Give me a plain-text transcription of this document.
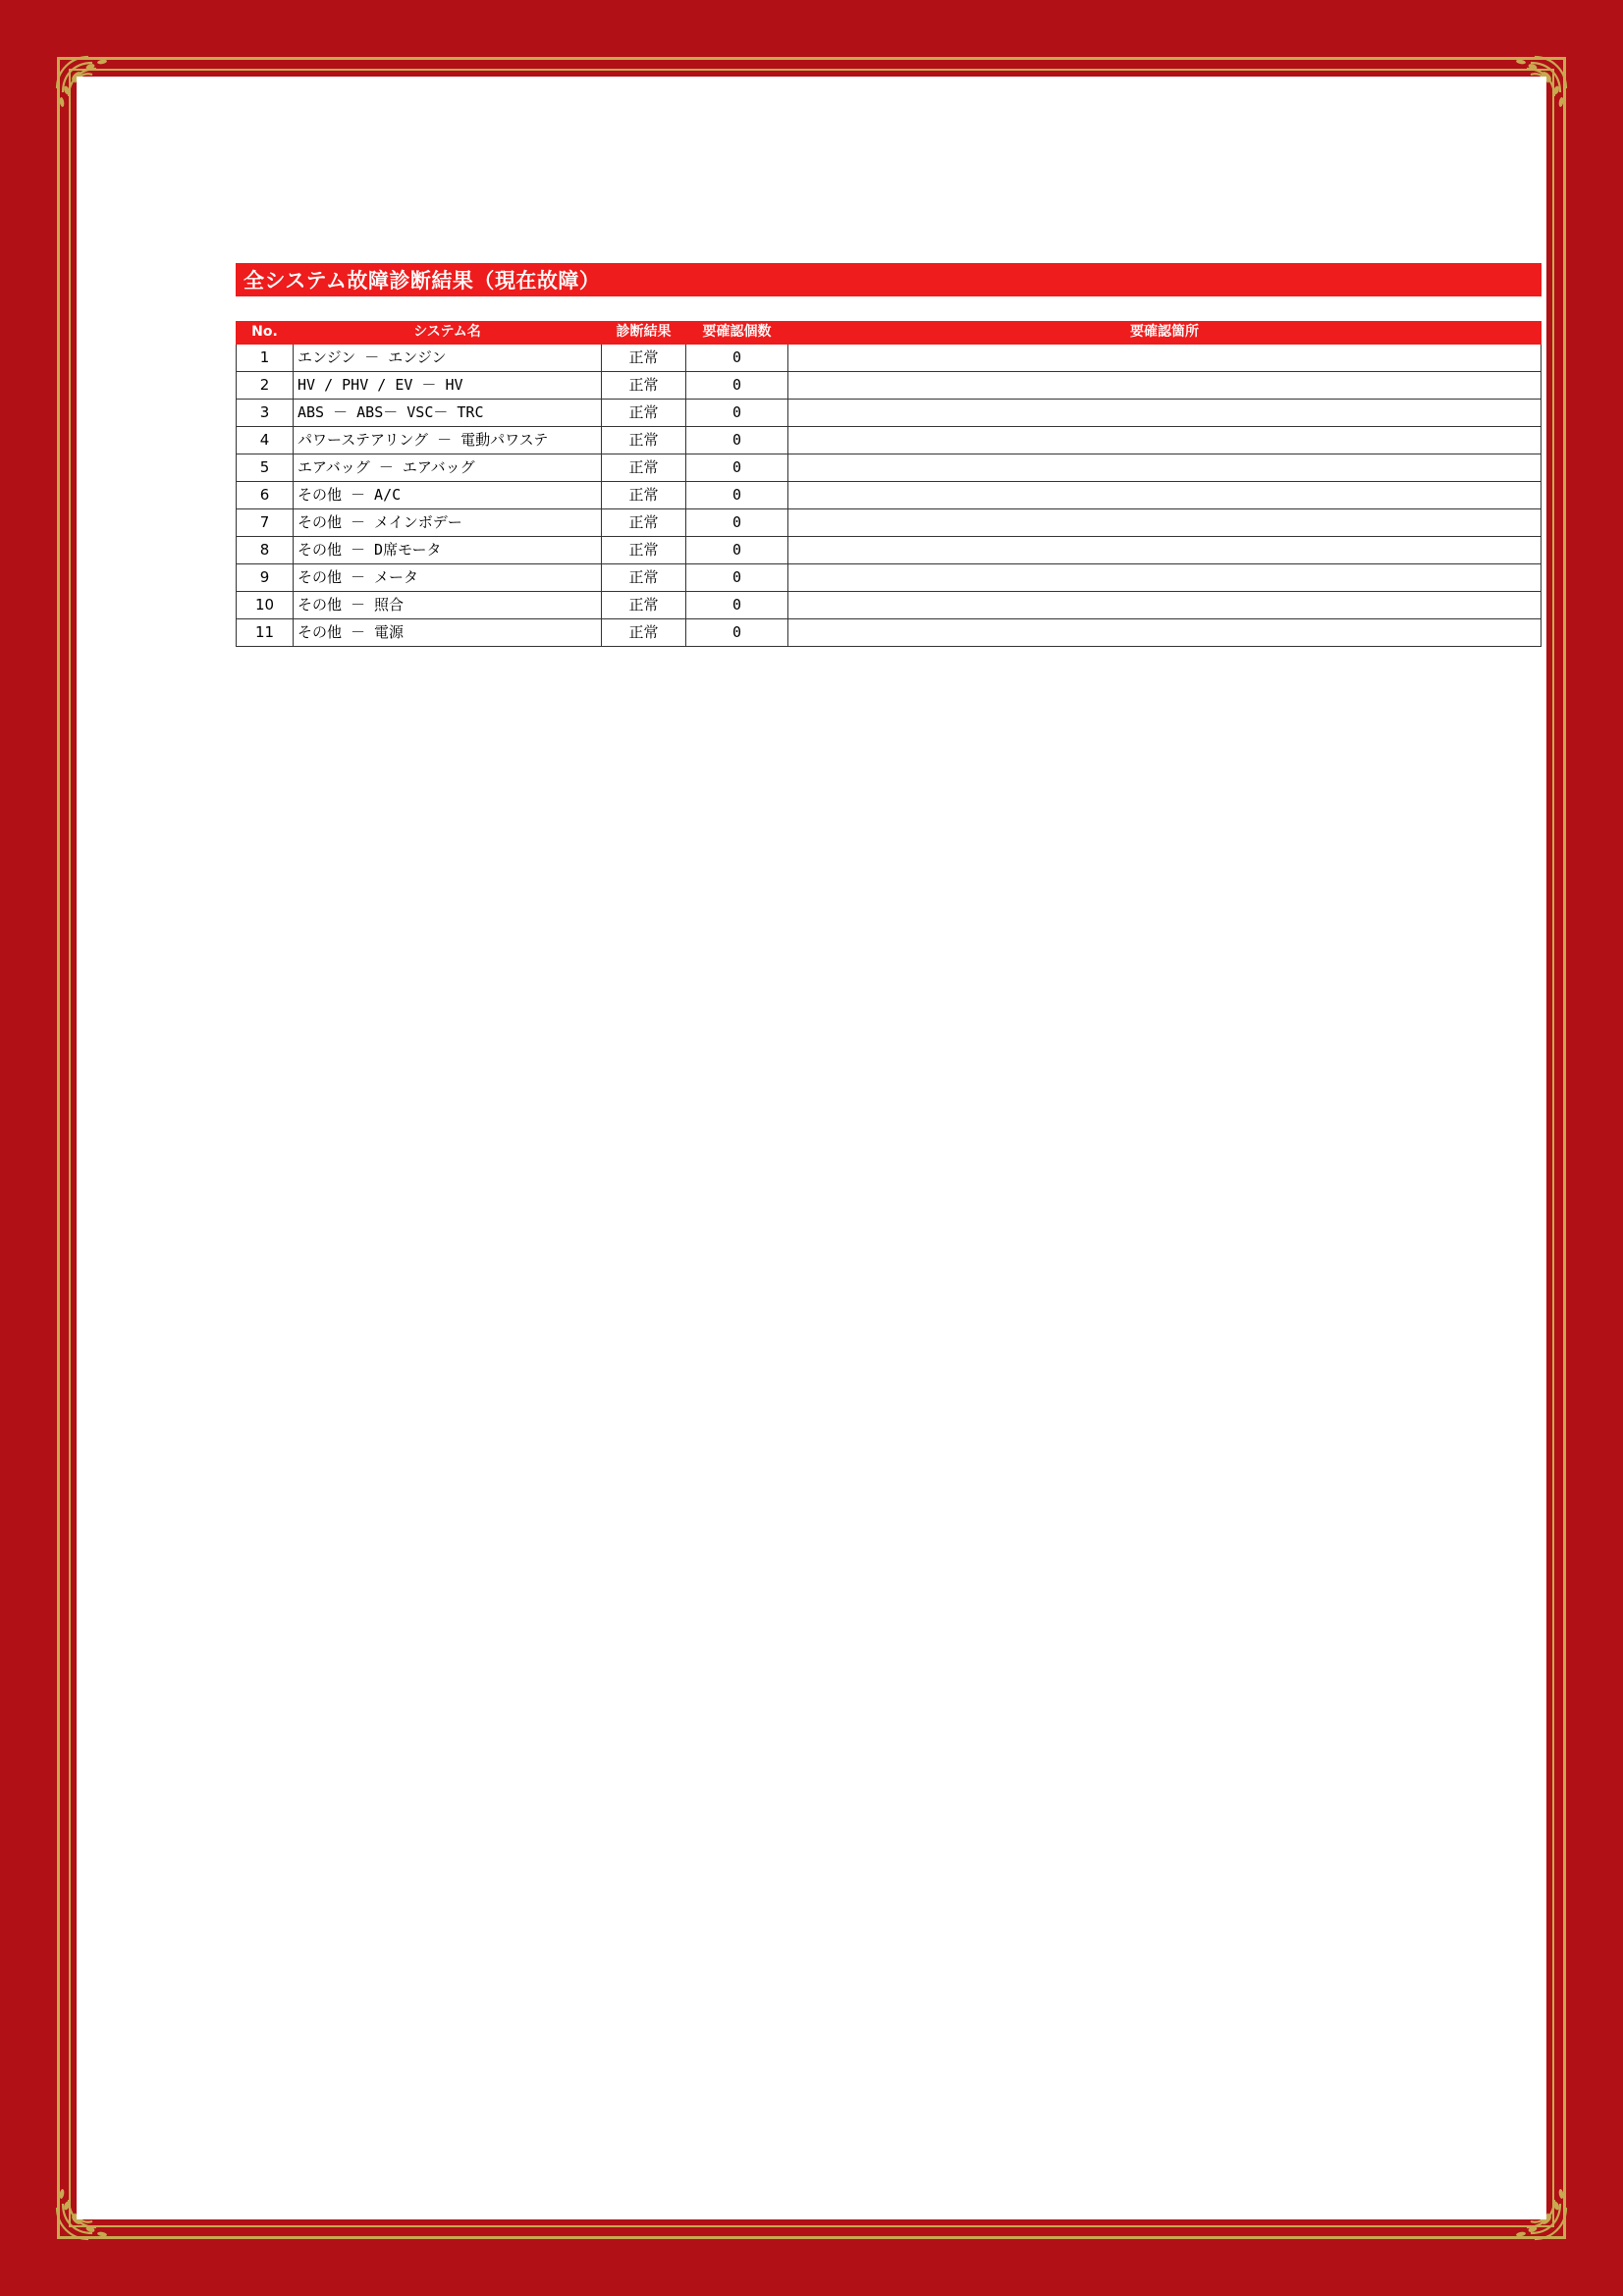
全システム故障診断結果（現在故障）
No.	システム名	診断結果	要確認個数	要確認箇所
1	エンジン － エンジン	正常	0	
2	HV / PHV / EV － HV	正常	0	
3	ABS － ABS－ VSC－ TRC	正常	0	
4	パワーステアリング － 電動パワステ	正常	0	
5	エアバッグ － エアバッグ	正常	0	
6	その他 － A/C	正常	0	
7	その他 － メインボデー	正常	0	
8	その他 － D席モータ	正常	0	
9	その他 － メータ	正常	0	
10	その他 － 照合	正常	0	
11	その他 － 電源	正常	0	
